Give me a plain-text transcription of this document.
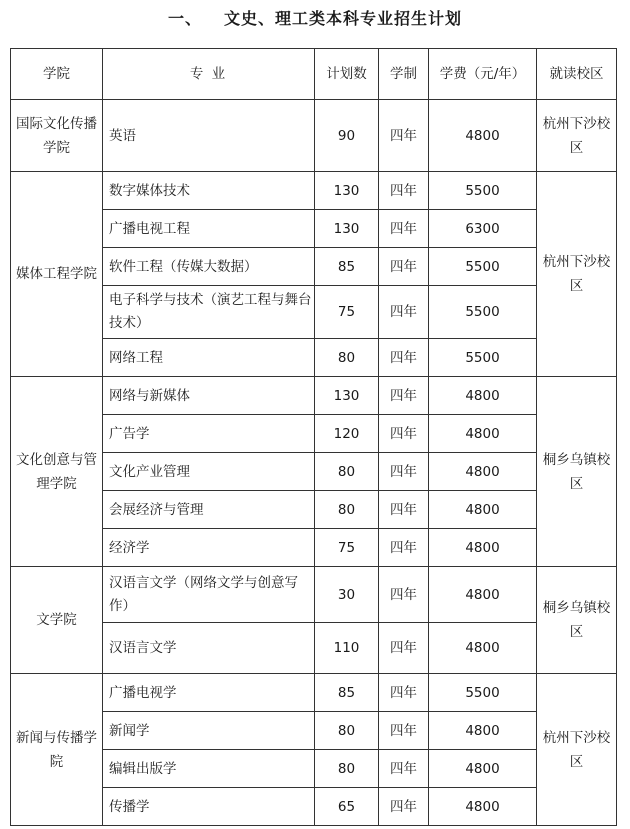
一、 文史、理工类本科专业招生计划
学院	专 业	计划数	学制	学费（元/年）	就读校区
国际文化传播学院	英语	90	四年	4800	杭州下沙校区
媒体工程学院	数字媒体技术	130	四年	5500	杭州下沙校区
	广播电视工程	130	四年	6300	
	软件工程（传媒大数据）	85	四年	5500	
	电子科学与技术（演艺工程与舞台技术）	75	四年	5500	
	网络工程	80	四年	5500	
文化创意与管理学院	网络与新媒体	130	四年	4800	桐乡乌镇校区
	广告学	120	四年	4800	
	文化产业管理	80	四年	4800	
	会展经济与管理	80	四年	4800	
	经济学	75	四年	4800	
文学院	汉语言文学（网络文学与创意写作）	30	四年	4800	桐乡乌镇校区
	汉语言文学	110	四年	4800	
新闻与传播学院	广播电视学	85	四年	5500	杭州下沙校区
	新闻学	80	四年	4800	
	编辑出版学	80	四年	4800	
	传播学	65	四年	4800	
